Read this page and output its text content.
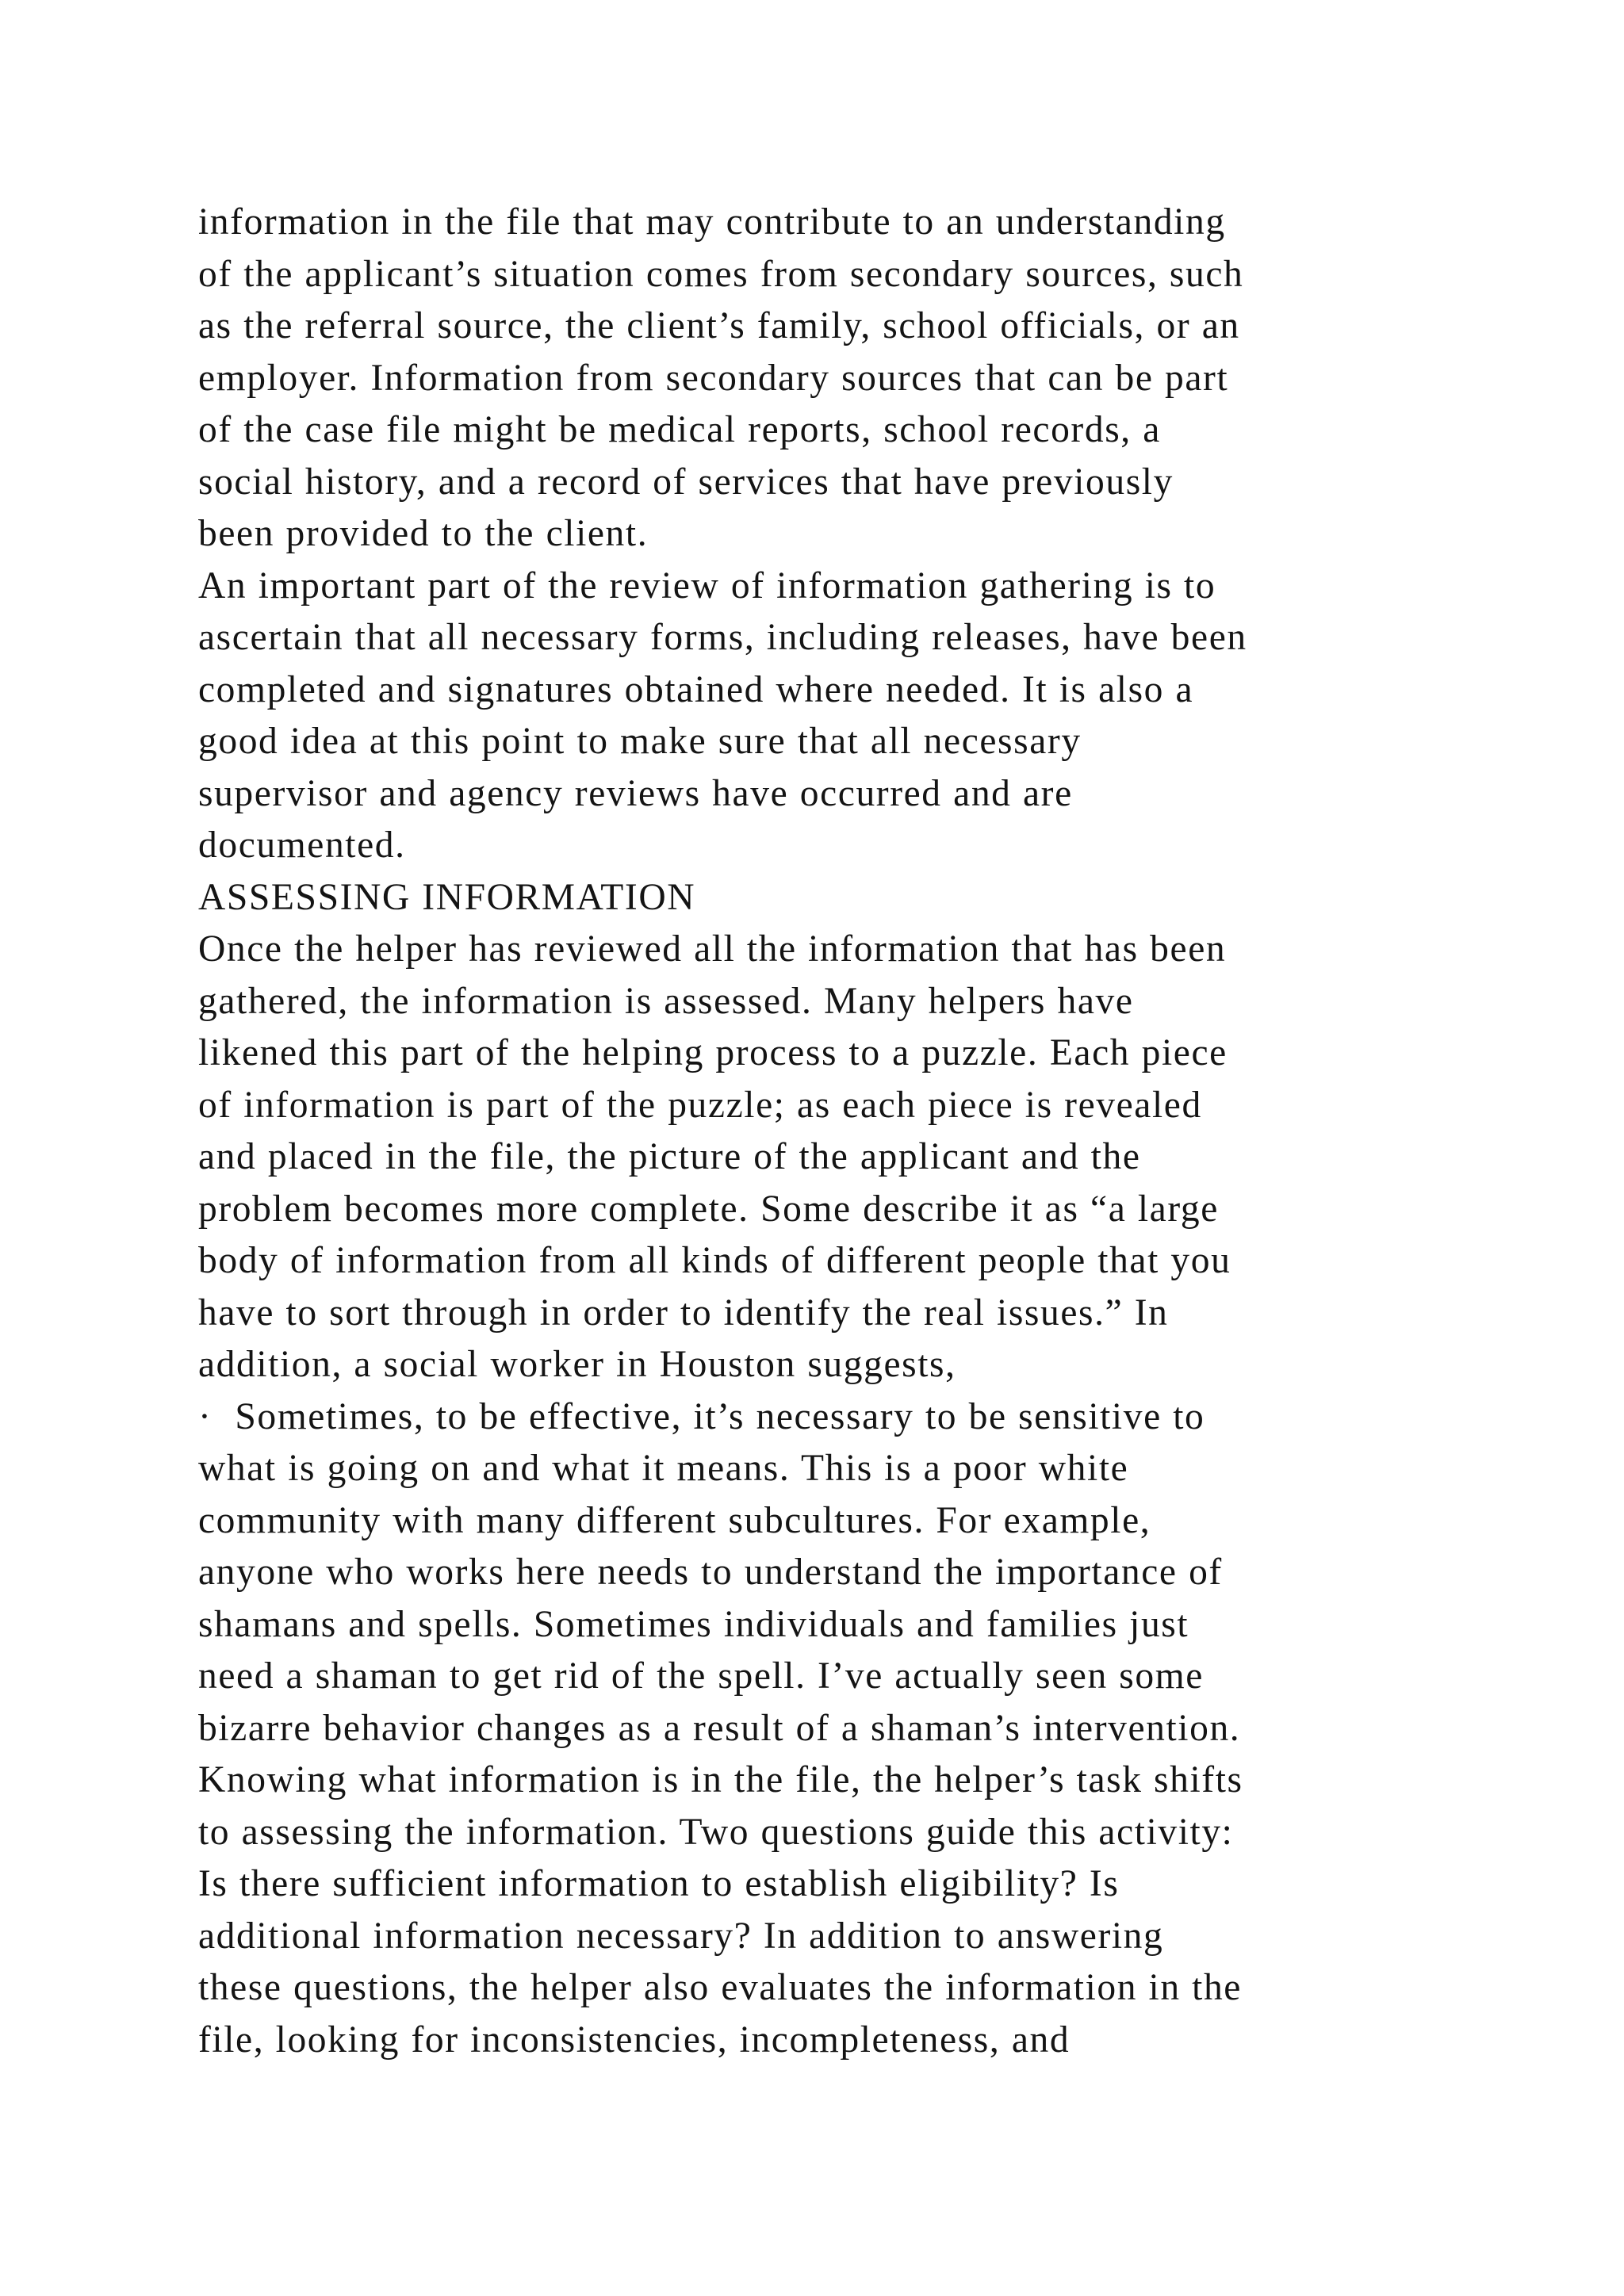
information in the file that may contribute to an understanding
of the applicant’s situation comes from secondary sources, such
as the referral source, the client’s family, school officials, or an
employer. Information from secondary sources that can be part
of the case file might be medical reports, school records, a
social history, and a record of services that have previously
been provided to the client.
An important part of the review of information gathering is to
ascertain that all necessary forms, including releases, have been
completed and signatures obtained where needed. It is also a
good idea at this point to make sure that all necessary
supervisor and agency reviews have occurred and are
documented.
ASSESSING INFORMATION
Once the helper has reviewed all the information that has been
gathered, the information is assessed. Many helpers have
likened this part of the helping process to a puzzle. Each piece
of information is part of the puzzle; as each piece is revealed
and placed in the file, the picture of the applicant and the
problem becomes more complete. Some describe it as “a large
body of information from all kinds of different people that you
have to sort through in order to identify the real issues.” In
addition, a social worker in Houston suggests,
·  Sometimes, to be effective, it’s necessary to be sensitive to
what is going on and what it means. This is a poor white
community with many different subcultures. For example,
anyone who works here needs to understand the importance of
shamans and spells. Sometimes individuals and families just
need a shaman to get rid of the spell. I’ve actually seen some
bizarre behavior changes as a result of a shaman’s intervention.
Knowing what information is in the file, the helper’s task shifts
to assessing the information. Two questions guide this activity:
Is there sufficient information to establish eligibility? Is
additional information necessary? In addition to answering
these questions, the helper also evaluates the information in the
file, looking for inconsistencies, incompleteness, and
